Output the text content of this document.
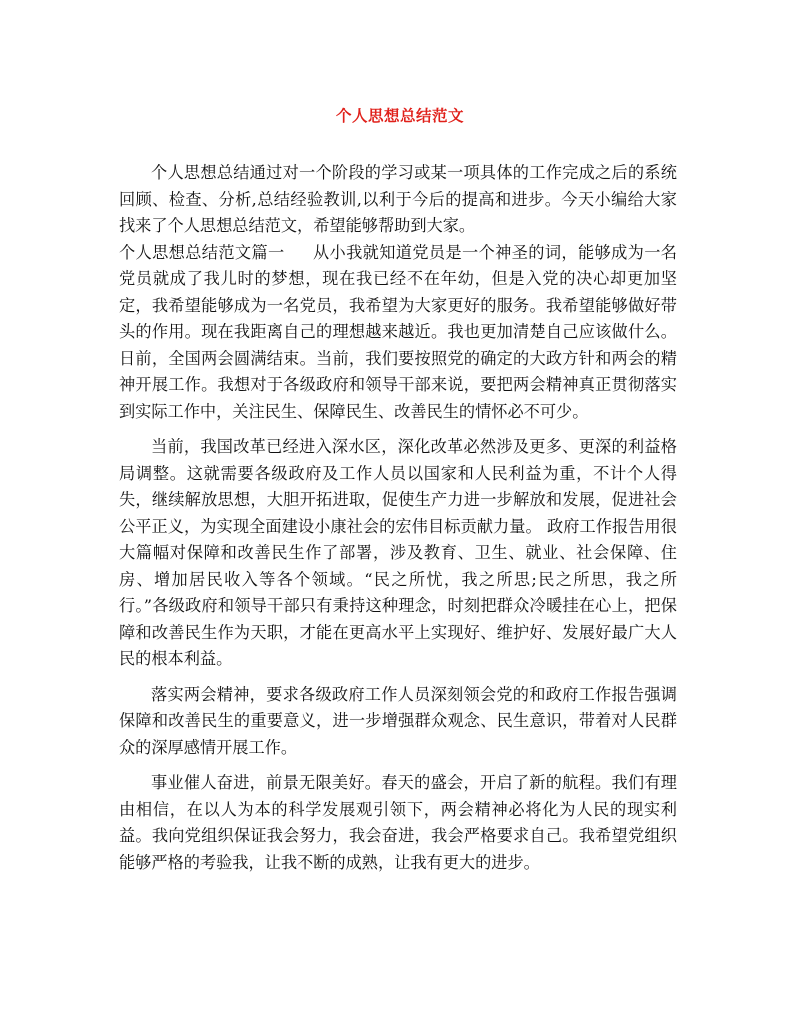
个人思想总结范文

个人思想总结通过对一个阶段的学习或某一项具体的工作完成之后的系统回顾、检查、分析,总结经验教训,以利于今后的提高和进步。今天小编给大家找来了个人思想总结范文，希望能够帮助到大家。

个人思想总结范文篇一 从小我就知道党员是一个神圣的词，能够成为一名党员就成了我儿时的梦想，现在我已经不在年幼，但是入党的决心却更加坚定，我希望能够成为一名党员，我希望为大家更好的服务。我希望能够做好带头的作用。现在我距离自己的理想越来越近。我也更加清楚自己应该做什么。日前，全国两会圆满结束。当前，我们要按照党的确定的大政方针和两会的精神开展工作。我想对于各级政府和领导干部来说，要把两会精神真正贯彻落实到实际工作中，关注民生、保障民生、改善民生的情怀必不可少。

当前，我国改革已经进入深水区，深化改革必然涉及更多、更深的利益格局调整。这就需要各级政府及工作人员以国家和人民利益为重，不计个人得失，继续解放思想，大胆开拓进取，促使生产力进一步解放和发展，促进社会公平正义，为实现全面建设小康社会的宏伟目标贡献力量。 政府工作报告用很大篇幅对保障和改善民生作了部署，涉及教育、卫生、就业、社会保障、住房、增加居民收入等各个领域。“民之所忧，我之所思;民之所思，我之所行。”各级政府和领导干部只有秉持这种理念，时刻把群众冷暖挂在心上，把保障和改善民生作为天职，才能在更高水平上实现好、维护好、发展好最广大人民的根本利益。

落实两会精神，要求各级政府工作人员深刻领会党的和政府工作报告强调保障和改善民生的重要意义，进一步增强群众观念、民生意识，带着对人民群众的深厚感情开展工作。

事业催人奋进，前景无限美好。春天的盛会，开启了新的航程。我们有理由相信，在以人为本的科学发展观引领下，两会精神必将化为人民的现实利益。我向党组织保证我会努力，我会奋进，我会严格要求自己。我希望党组织能够严格的考验我，让我不断的成熟，让我有更大的进步。
